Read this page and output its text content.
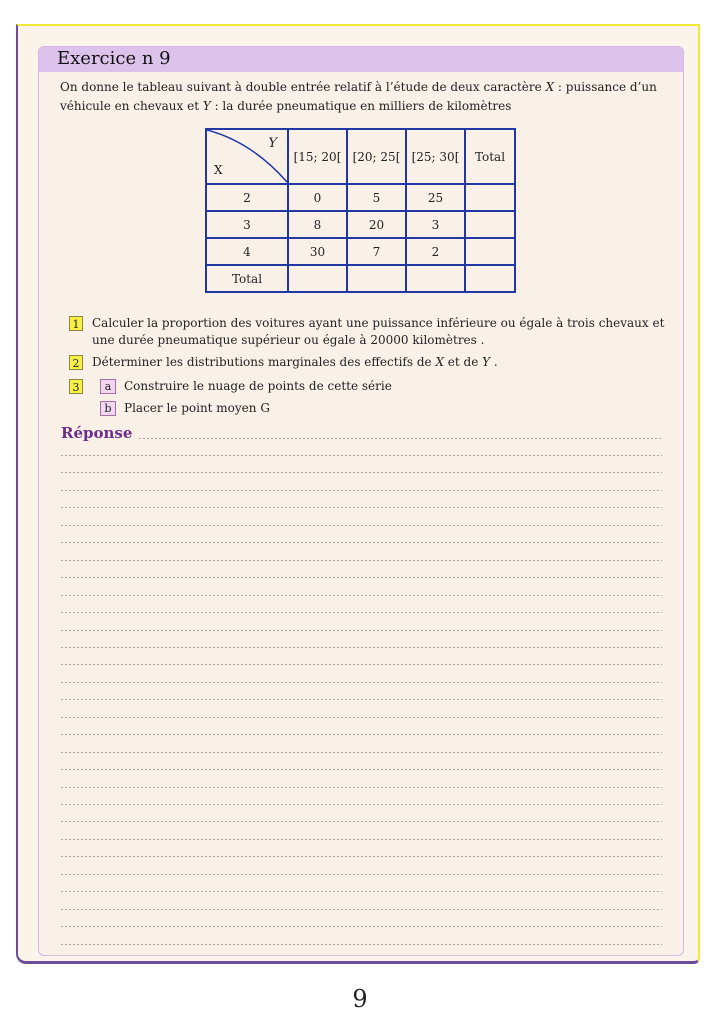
Exercice n 9
On donne le tableau suivant à double entrée relatif à l’étude de deux caractère X : puissance d’un
véhicule en chevaux et Y : la durée pneumatique en milliers de kilomètres
Y
X	[15; 20[	[20; 25[	[25; 30[	Total
2	0	5	25	
3	8	20	3	
4	30	7	2	
Total				
1 Calculer la proportion des voitures ayant une puissance inférieure ou égale à trois chevaux et
une durée pneumatique supérieur ou égale à 20000 kilomètres .
2 Déterminer les distributions marginales des effectifs de X et de Y .
3	a	Construire le nuage de points de cette série
b	Placer le point moyen G
Réponse
9
